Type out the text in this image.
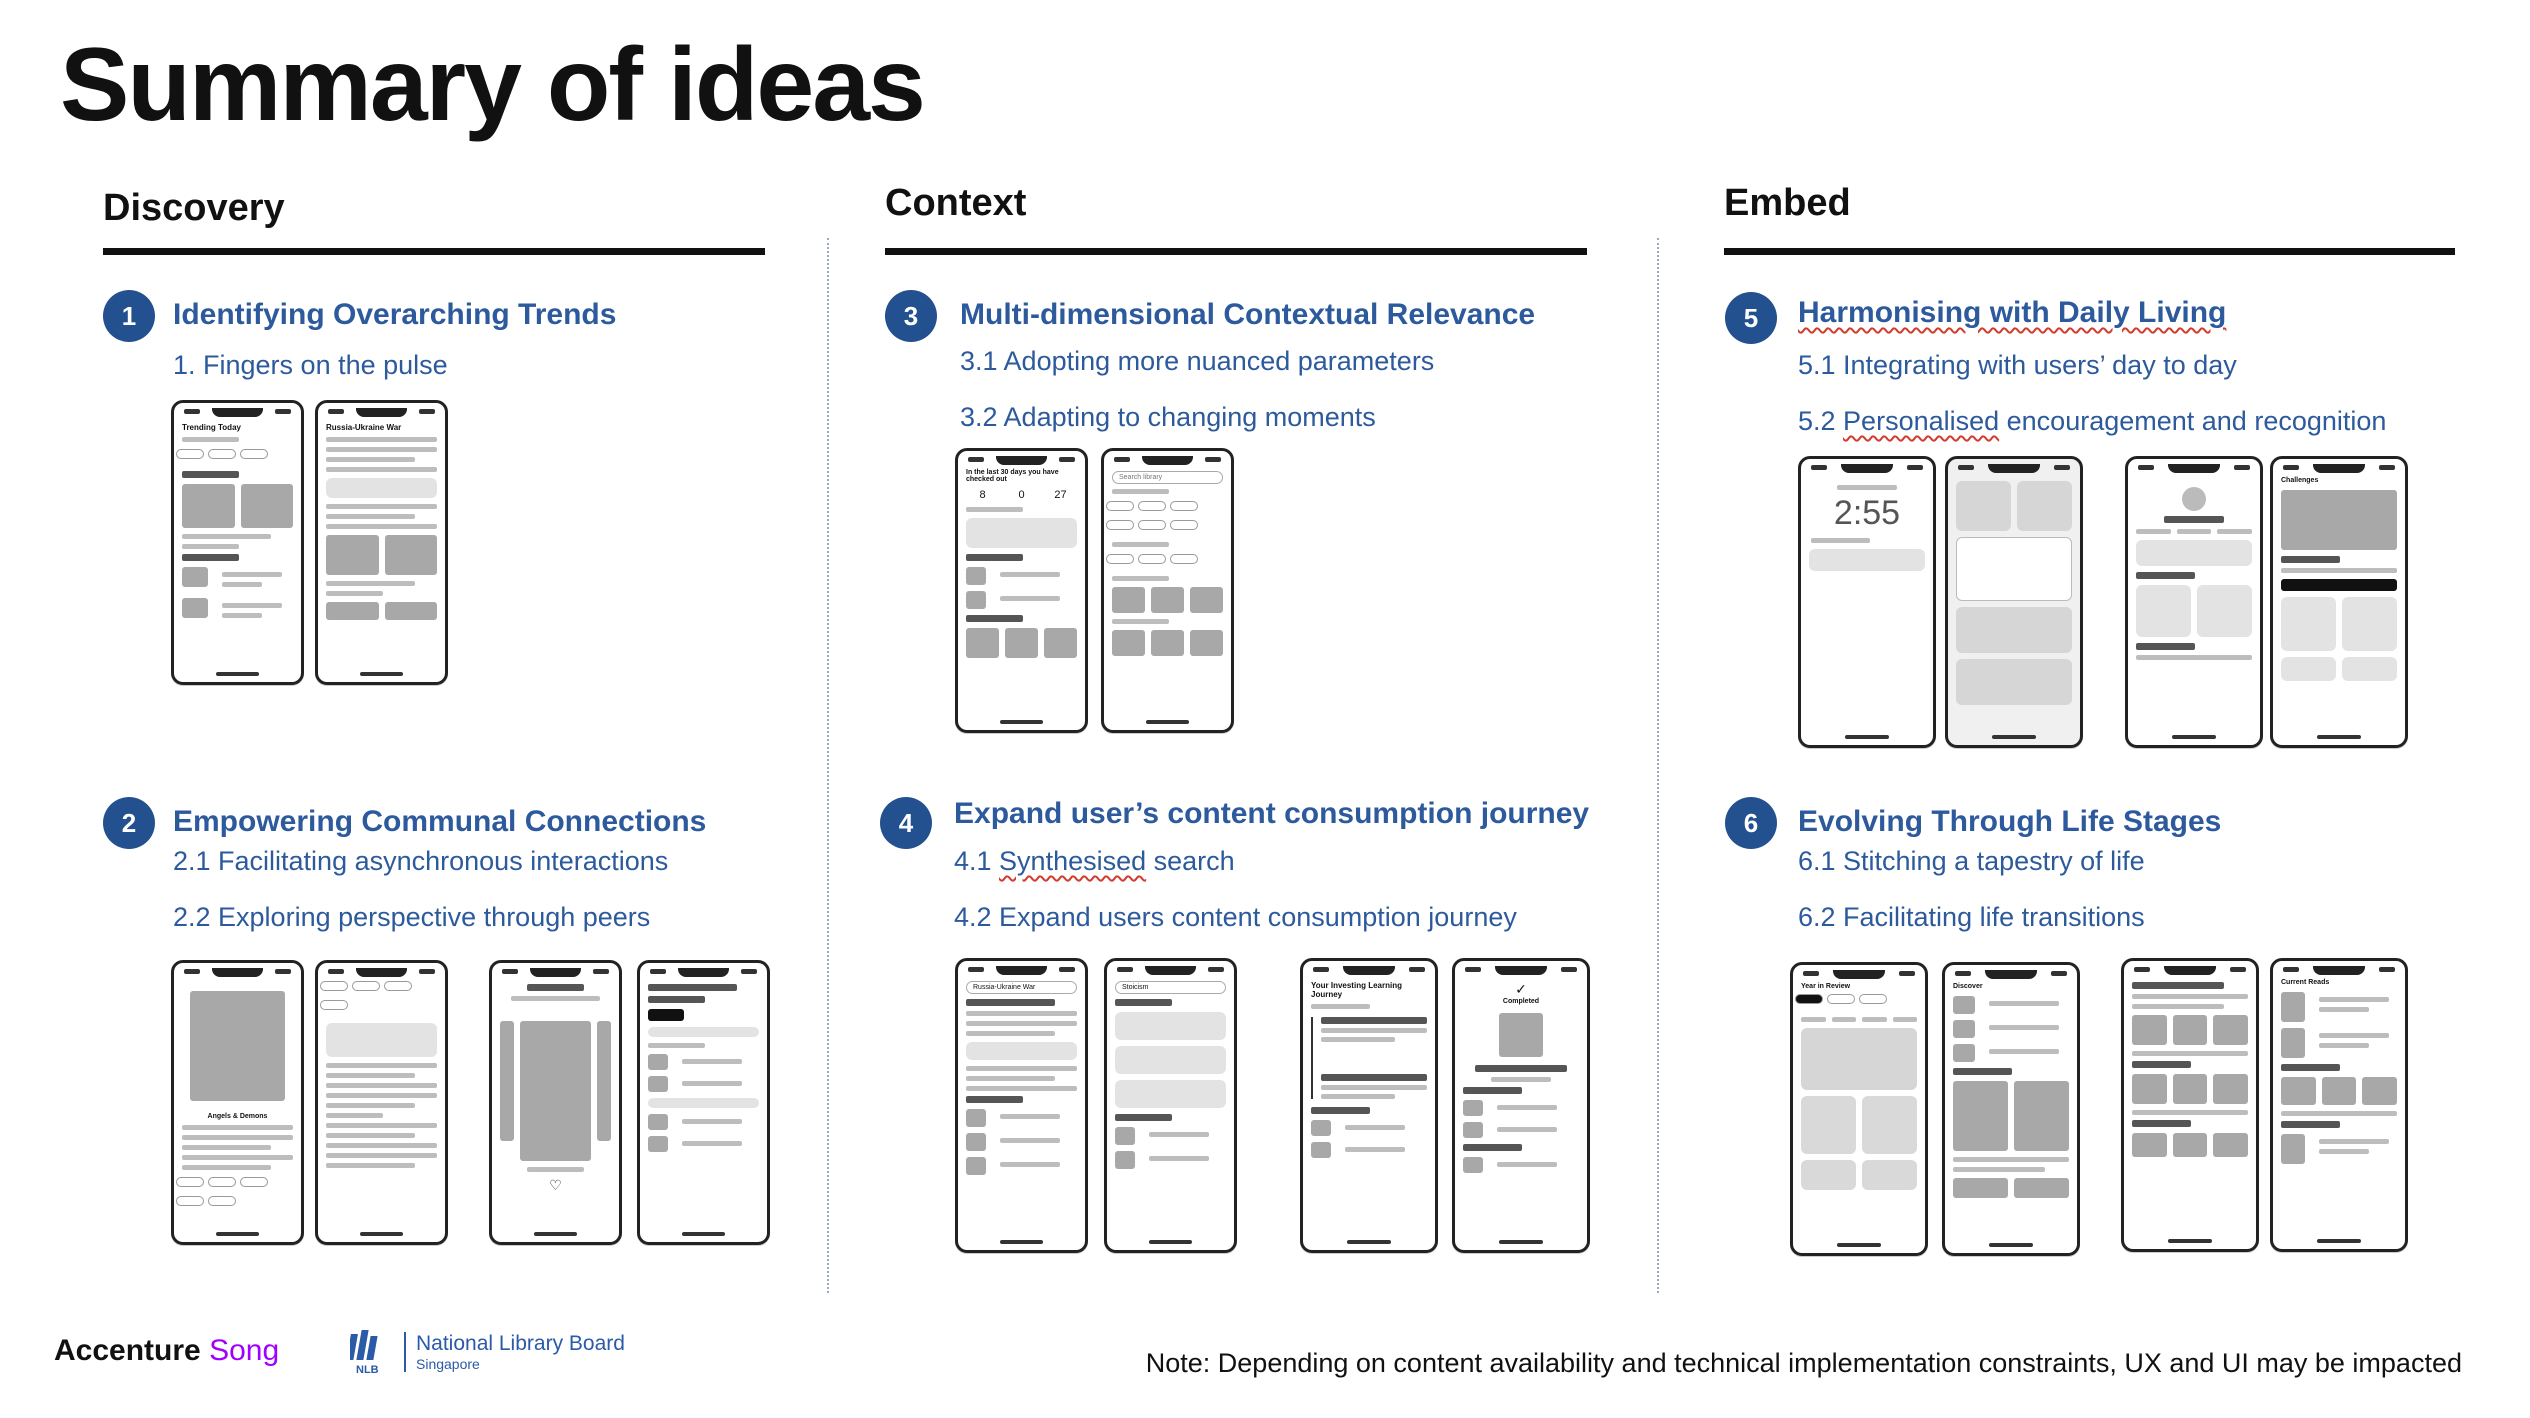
Summary of ideas
Discovery	Context	Embed
1	Identifying Overarching Trends
1. Fingers on the pulse
2	Empowering Communal Connections
2.1 Facilitating asynchronous interactions
2.2 Exploring perspective through peers
3	Multi-dimensional Contextual Relevance
3.1 Adopting more nuanced parameters
3.2 Adapting to changing moments
4	Expand user’s content consumption journey
4.1 Synthesised search
4.2 Expand users content consumption journey
5	Harmonising with Daily Living
5.1 Integrating with users’ day to day
5.2 Personalised encouragement and recognition
6	Evolving Through Life Stages
6.1 Stitching a tapestry of life
6.2 Facilitating life transitions
Trending Today	Russia-Ukraine War
Angels & Demons
♡
In the last 30 days you have checked out
8	0	27
Search library
Russia-Ukraine War	Stoicism	Your Investing Learning Journey	✓
Completed
2:55
Challenges
Year in Review	Discover
Current Reads
Accenture Song
NLB
National Library Board
Singapore	Note: Depending on content availability and technical implementation constraints, UX and UI may be impacted
